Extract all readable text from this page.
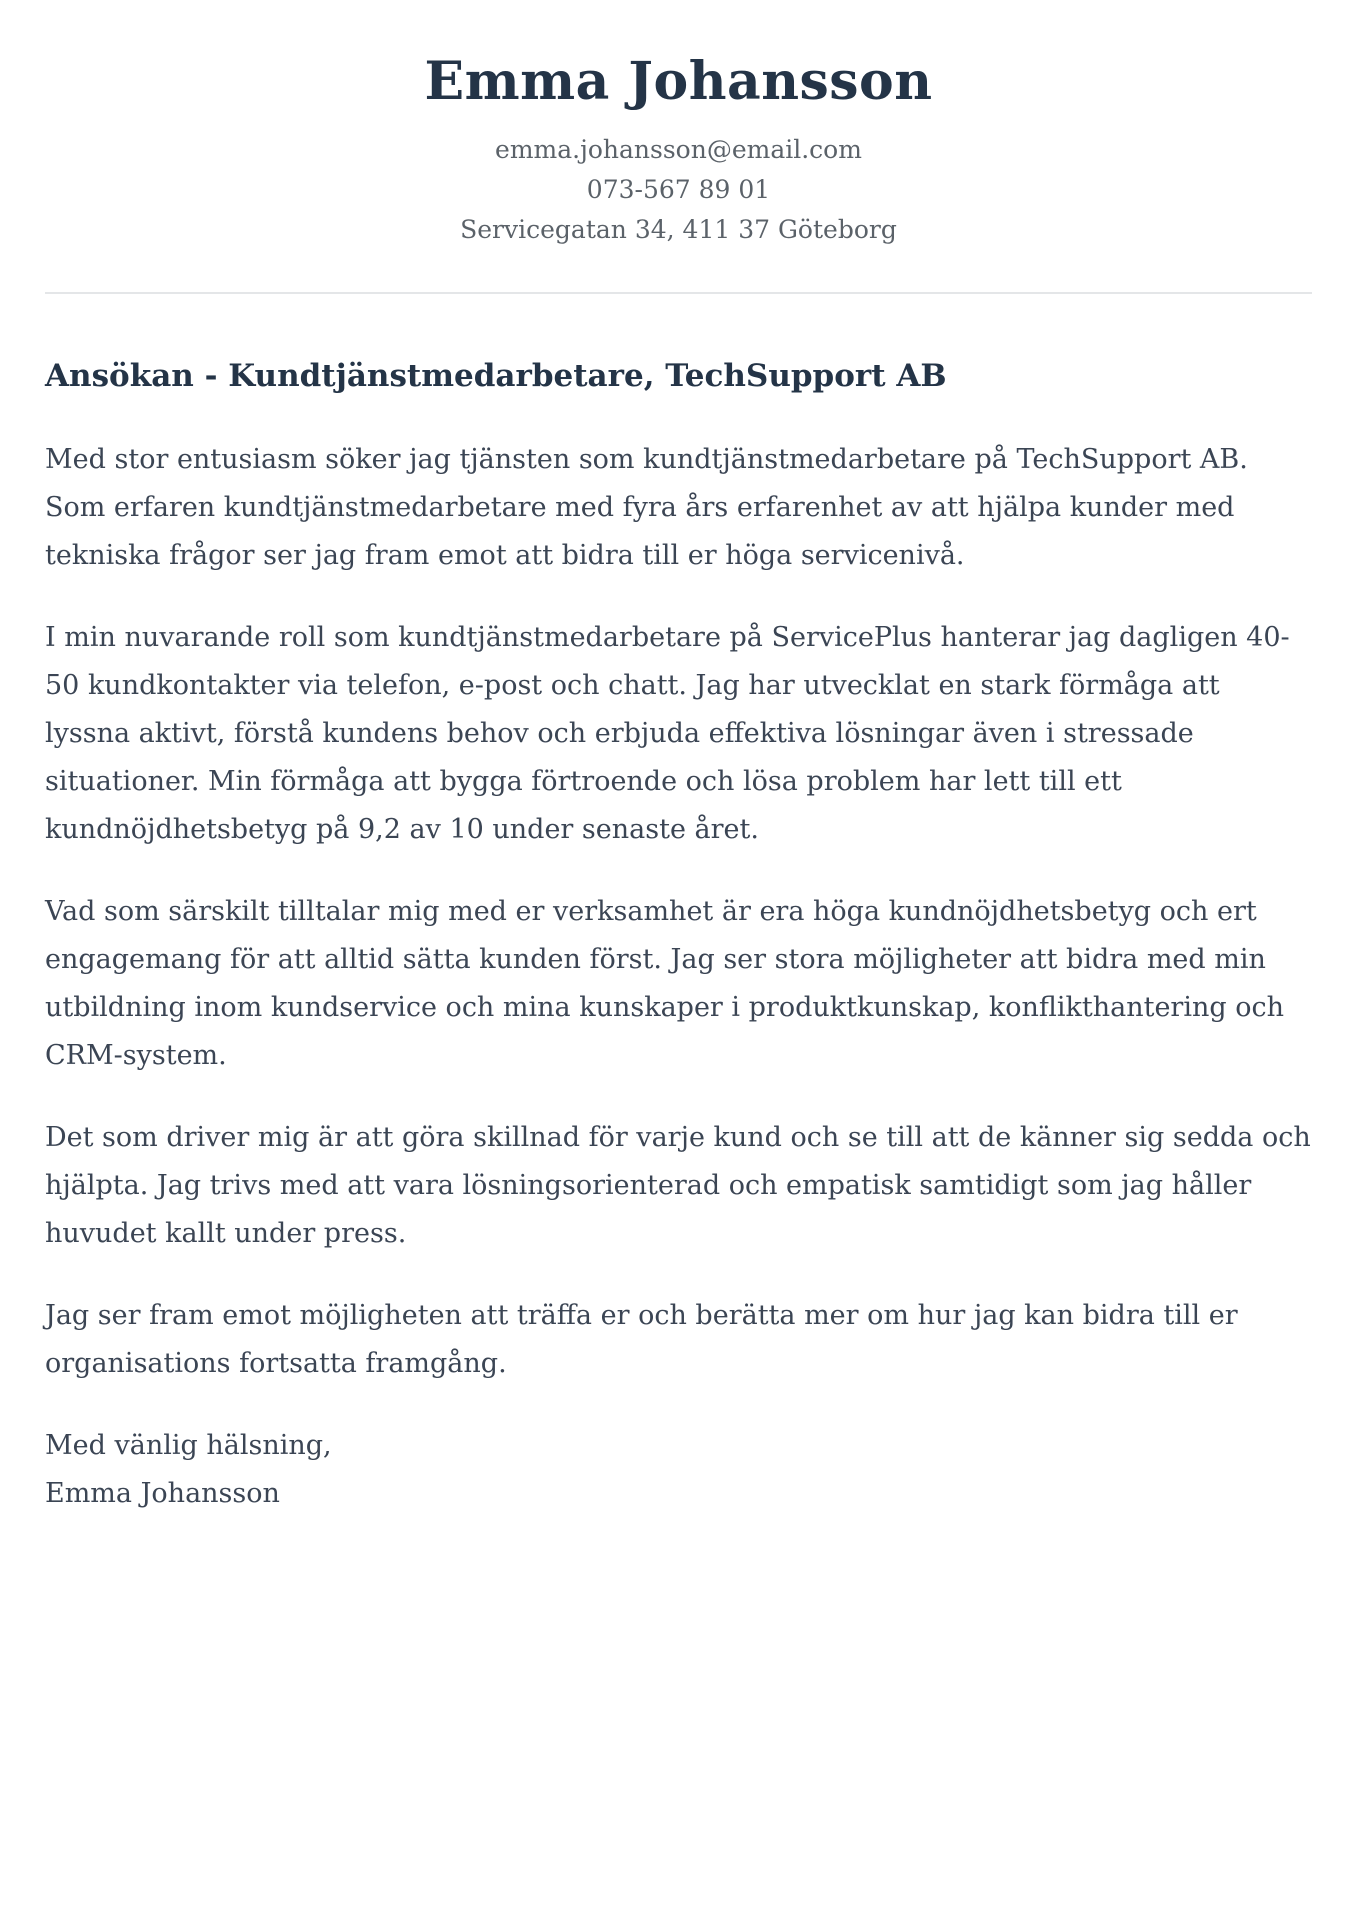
Emma Johansson

emma.johansson@email.com

073-567 89 01

Servicegatan 34, 411 37 Göteborg

Ansökan - Kundtjänstmedarbetare, TechSupport AB

Med stor entusiasm söker jag tjänsten som kundtjänstmedarbetare på TechSupport AB. Som erfaren kundtjänstmedarbetare med fyra års erfarenhet av att hjälpa kunder med tekniska frågor ser jag fram emot att bidra till er höga servicenivå.

I min nuvarande roll som kundtjänstmedarbetare på ServicePlus hanterar jag dagligen 40-50 kundkontakter via telefon, e-post och chatt. Jag har utvecklat en stark förmåga att lyssna aktivt, förstå kundens behov och erbjuda effektiva lösningar även i stressade situationer. Min förmåga att bygga förtroende och lösa problem har lett till ett kundnöjdhetsbetyg på 9,2 av 10 under senaste året.

Vad som särskilt tilltalar mig med er verksamhet är era höga kundnöjdhetsbetyg och ert engagemang för att alltid sätta kunden först. Jag ser stora möjligheter att bidra med min utbildning inom kundservice och mina kunskaper i produktkunskap, konflikthantering och CRM-system.

Det som driver mig är att göra skillnad för varje kund och se till att de känner sig sedda och hjälpta. Jag trivs med att vara lösningsorienterad och empatisk samtidigt som jag håller huvudet kallt under press.

Jag ser fram emot möjligheten att träffa er och berätta mer om hur jag kan bidra till er organisations fortsatta framgång.

Med vänlig hälsning,
Emma Johansson
